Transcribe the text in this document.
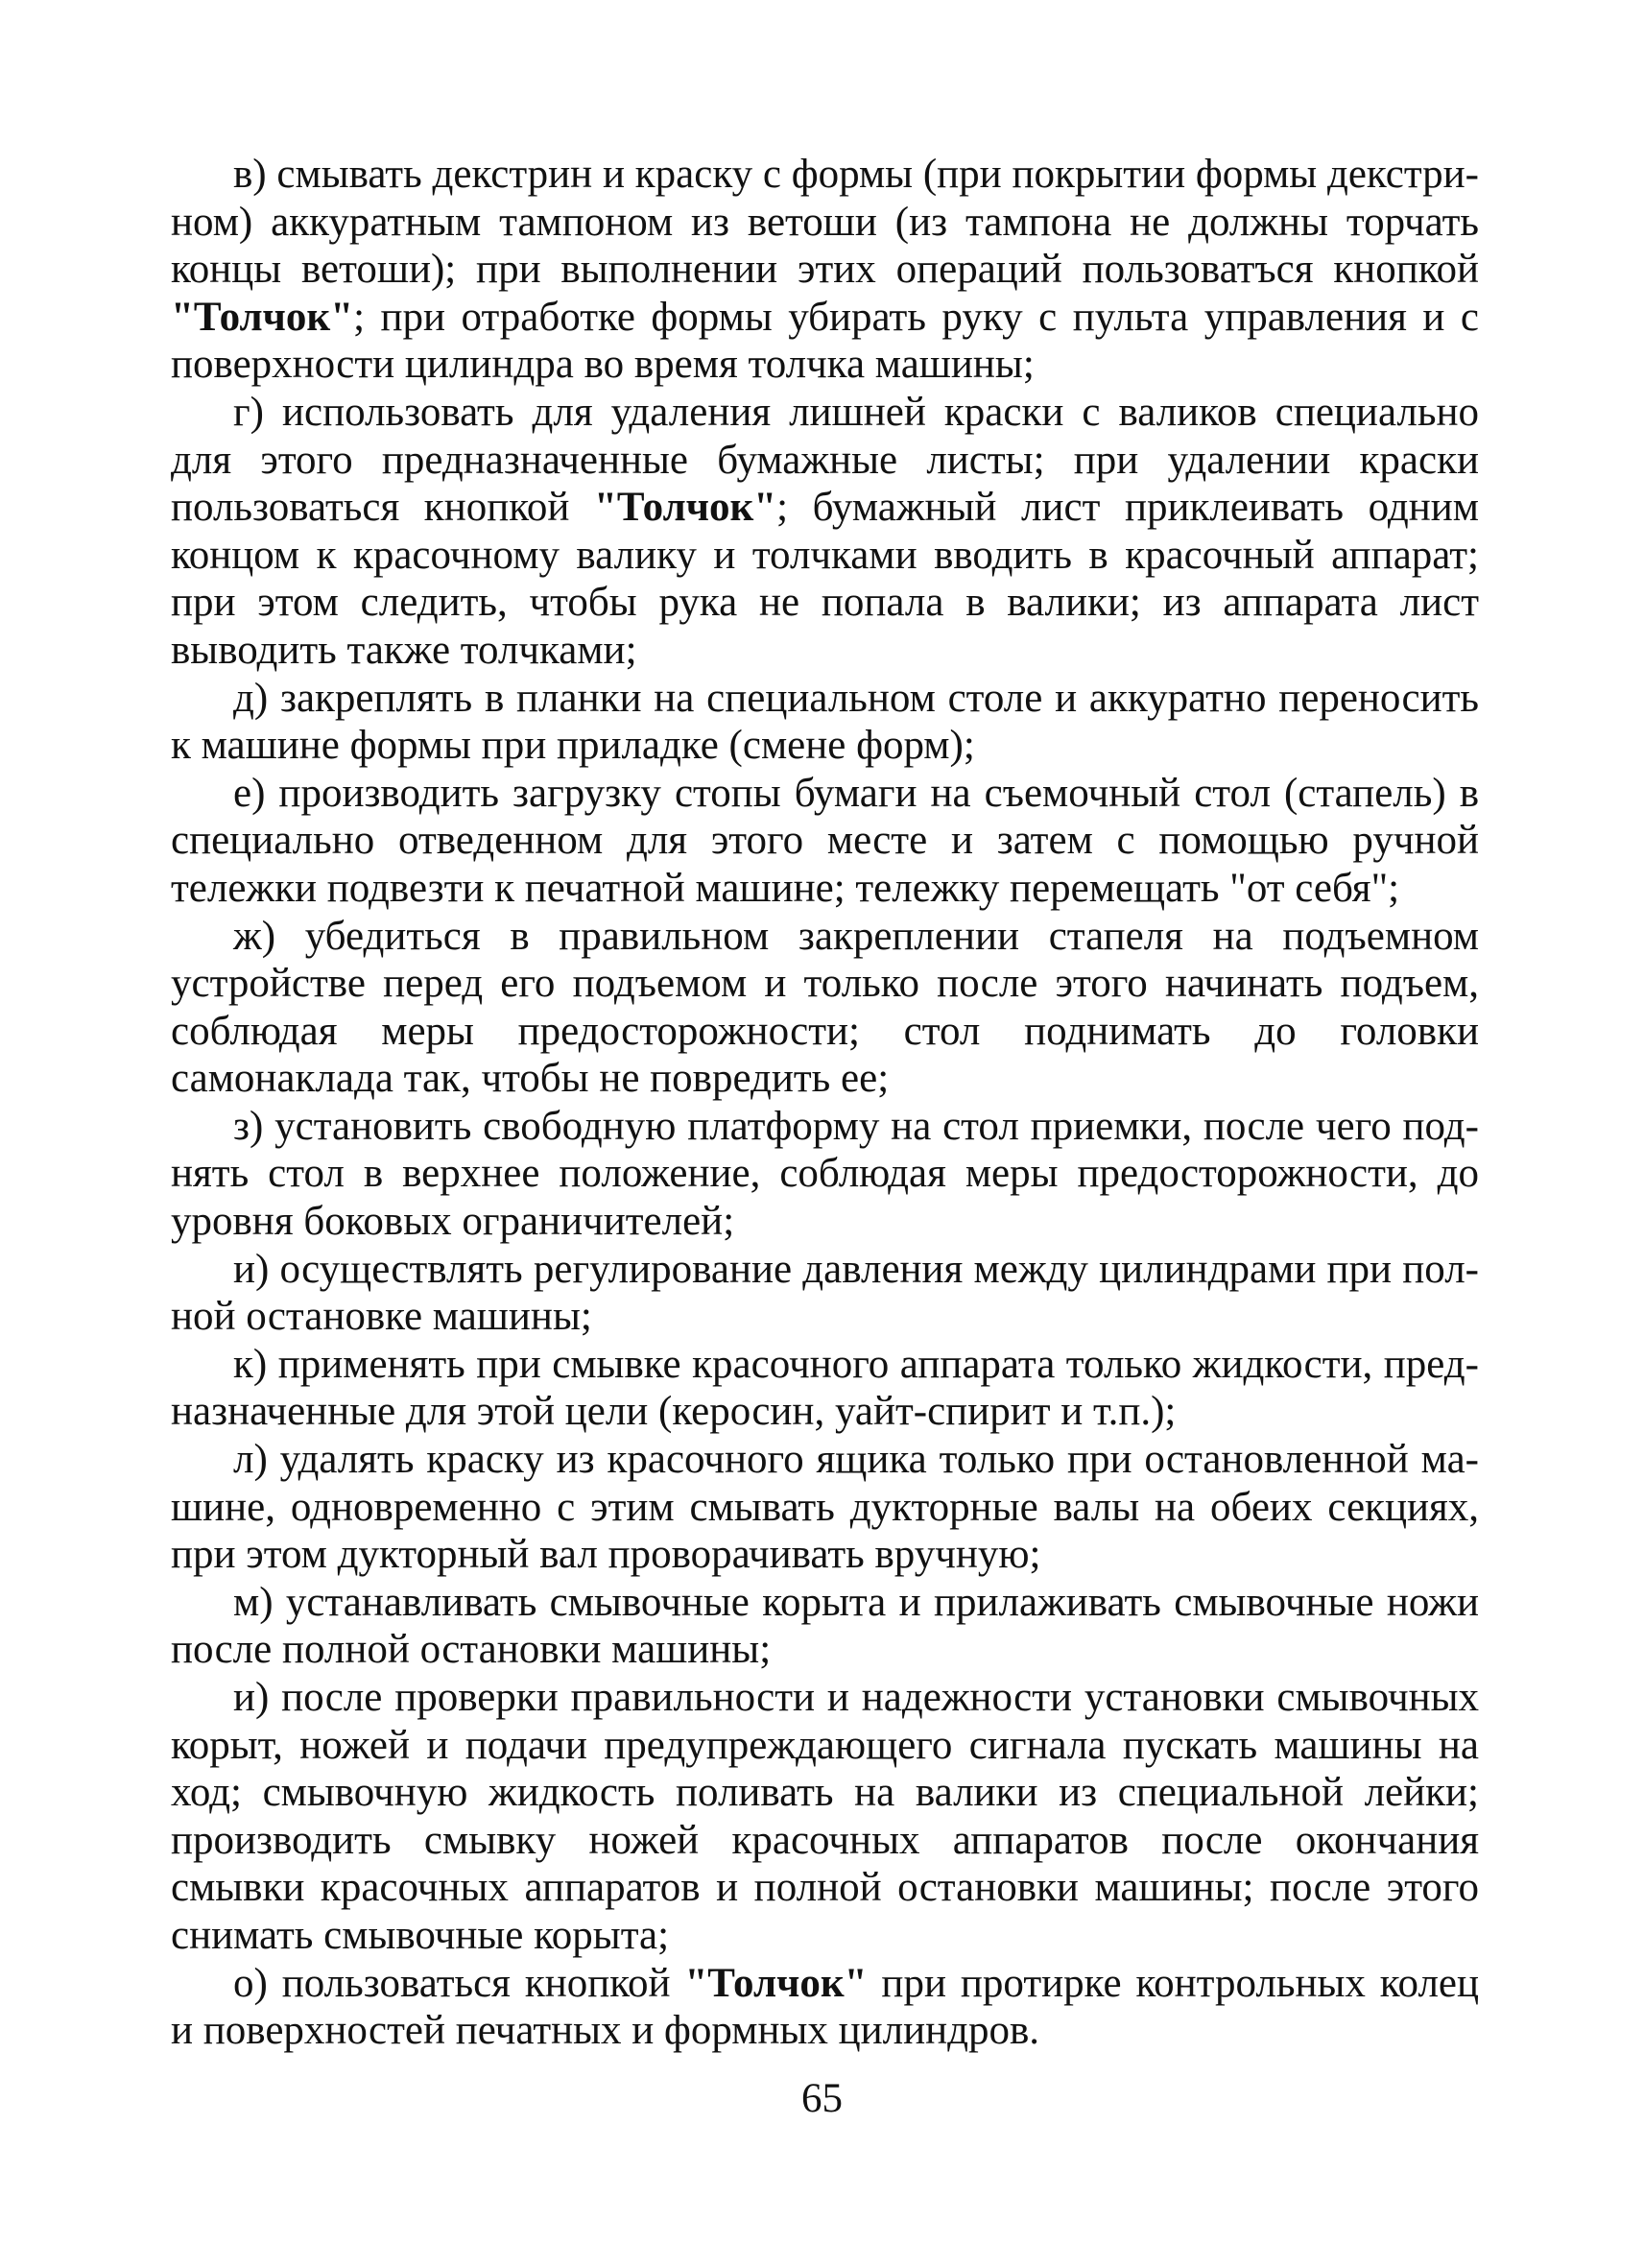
в) смывать декстрин и краску с формы (при покрытии формы декстрином) аккуратным тампоном из ветоши (из тампона не должны торчать концы ветоши); при выполнении этих операций пользоватъся кнопкой "Толчок"; при отработке формы убирать руку с пульта управления и с поверхности цилиндра во время толчка машины;

г) использовать для удаления лишней краски с валиков специально для этого предназначенные бумажные листы; при удалении краски пользоваться кнопкой "Толчок"; бумажный лист приклеивать одним концом к красочному валику и толчками вводить в красочный аппарат; при этом следить, чтобы рука не попала в валики; из аппарата лист выводить также толчками;

д) закреплять в планки на специальном столе и аккуратно переносить к машине формы при приладке (смене форм);

е) производить загрузку стопы бумаги на съемочный стол (стапель) в специально отведенном для этого месте и затем с помощью ручной тележки подвезти к печатной машине; тележку перемещать "от себя";

ж) убедиться в правильном закреплении стапеля на подъемном устройстве перед его подъемом и только после этого начинать подъем, соблюдая меры предосторожности; стол поднимать до головки самонаклада так, чтобы не повредить ее;

з) установить свободную платформу на стол приемки, после чего поднять стол в верхнее положение, соблюдая меры предосторожности, до уровня боковых ограничителей;

и) осуществлять регулирование давления между цилиндрами при полной остановке машины;

к) применять при смывке красочного аппарата только жидкости, предназначенные для этой цели (керосин, уайт-спирит и т.п.);

л) удалять краску из красочного ящика только при остановленной машине, одновременно с этим смывать дукторные валы на обеих секциях, при этом дукторный вал проворачивать вручную;

м) устанавливать смывочные корыта и прилаживать смывочные ножи после полной остановки машины;

и) после проверки правильности и надежности установки смывочных корыт, ножей и подачи предупреждающего сигнала пускать машины на ход; смывочную жидкость поливать на валики из специальной лейки; производить смывку ножей красочных аппаратов после окончания смывки красочных аппаратов и полной остановки машины; после этого снимать смывочные корыта;

о) пользоваться кнопкой "Толчок" при протирке контрольных колец и поверхностей печатных и формных цилиндров.

65
